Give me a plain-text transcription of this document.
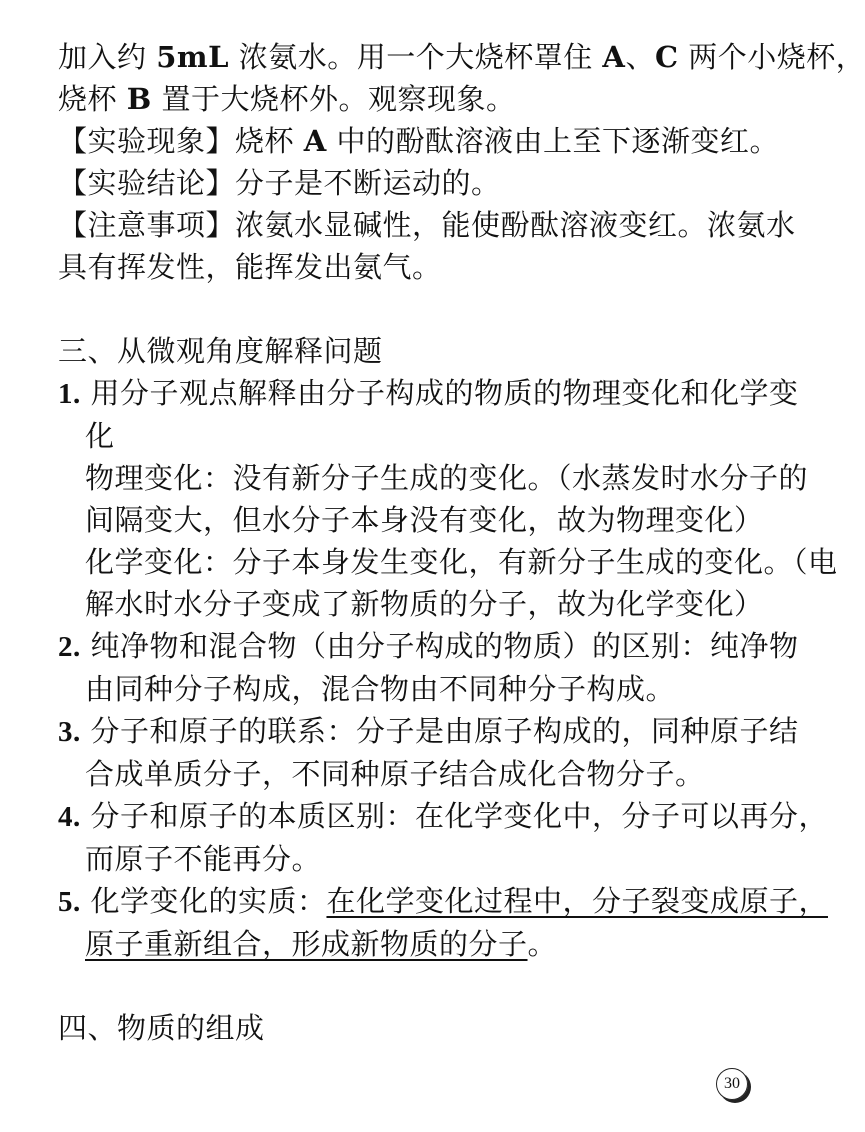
加入约 5mL 浓氨水。用一个大烧杯罩住 A、C 两个小烧杯，
烧杯 B 置于大烧杯外。观察现象。
【实验现象】烧杯 A 中的酚酞溶液由上至下逐渐变红。
【实验结论】分子是不断运动的。
【注意事项】浓氨水显碱性，能使酚酞溶液变红。浓氨水
具有挥发性，能挥发出氨气。
三、从微观角度解释问题
1. 用分子观点解释由分子构成的物质的物理变化和化学变
化
物理变化：没有新分子生成的变化。（水蒸发时水分子的
间隔变大，但水分子本身没有变化，故为物理变化）
化学变化：分子本身发生变化，有新分子生成的变化。（电
解水时水分子变成了新物质的分子，故为化学变化）
2. 纯净物和混合物（由分子构成的物质）的区别：纯净物
由同种分子构成，混合物由不同种分子构成。
3. 分子和原子的联系：分子是由原子构成的，同种原子结
合成单质分子，不同种原子结合成化合物分子。
4. 分子和原子的本质区别：在化学变化中，分子可以再分，
而原子不能再分。
5. 化学变化的实质：在化学变化过程中，分子裂变成原子，
原子重新组合，形成新物质的分子。
四、物质的组成
30
